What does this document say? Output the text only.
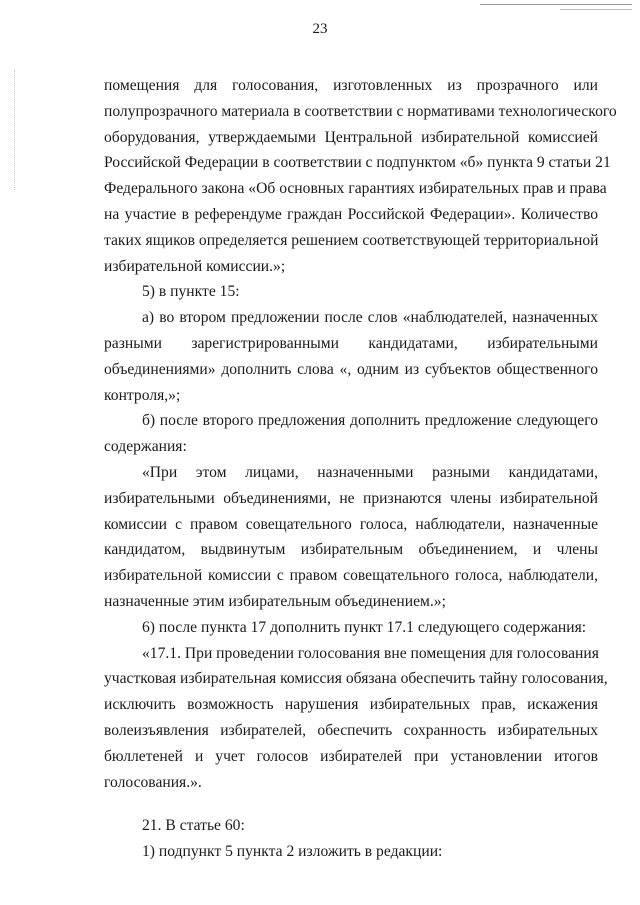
23
помещения для голосования, изготовленных из прозрачного или
полупрозрачного материала в соответствии с нормативами технологического
оборудования, утверждаемыми Центральной избирательной комиссией
Российской Федерации в соответствии с подпунктом «б» пункта 9 статьи 21
Федерального закона «Об основных гарантиях избирательных прав и права
на участие в референдуме граждан Российской Федерации». Количество
таких ящиков определяется решением соответствующей территориальной
избирательной комиссии.»;
5) в пункте 15:
а) во втором предложении после слов «наблюдателей, назначенных
разными зарегистрированными кандидатами, избирательными
объединениями» дополнить слова «, одним из субъектов общественного
контроля,»;
б) после второго предложения дополнить предложение следующего
содержания:
«При этом лицами, назначенными разными кандидатами,
избирательными объединениями, не признаются члены избирательной
комиссии с правом совещательного голоса, наблюдатели, назначенные
кандидатом, выдвинутым избирательным объединением, и члены
избирательной комиссии с правом совещательного голоса, наблюдатели,
назначенные этим избирательным объединением.»;
6) после пункта 17 дополнить пункт 17.1 следующего содержания:
«17.1. При проведении голосования вне помещения для голосования
участковая избирательная комиссия обязана обеспечить тайну голосования,
исключить возможность нарушения избирательных прав, искажения
волеизъявления избирателей, обеспечить сохранность избирательных
бюллетеней и учет голосов избирателей при установлении итогов
голосования.».
21. В статье 60:
1) подпункт 5 пункта 2 изложить в редакции:
